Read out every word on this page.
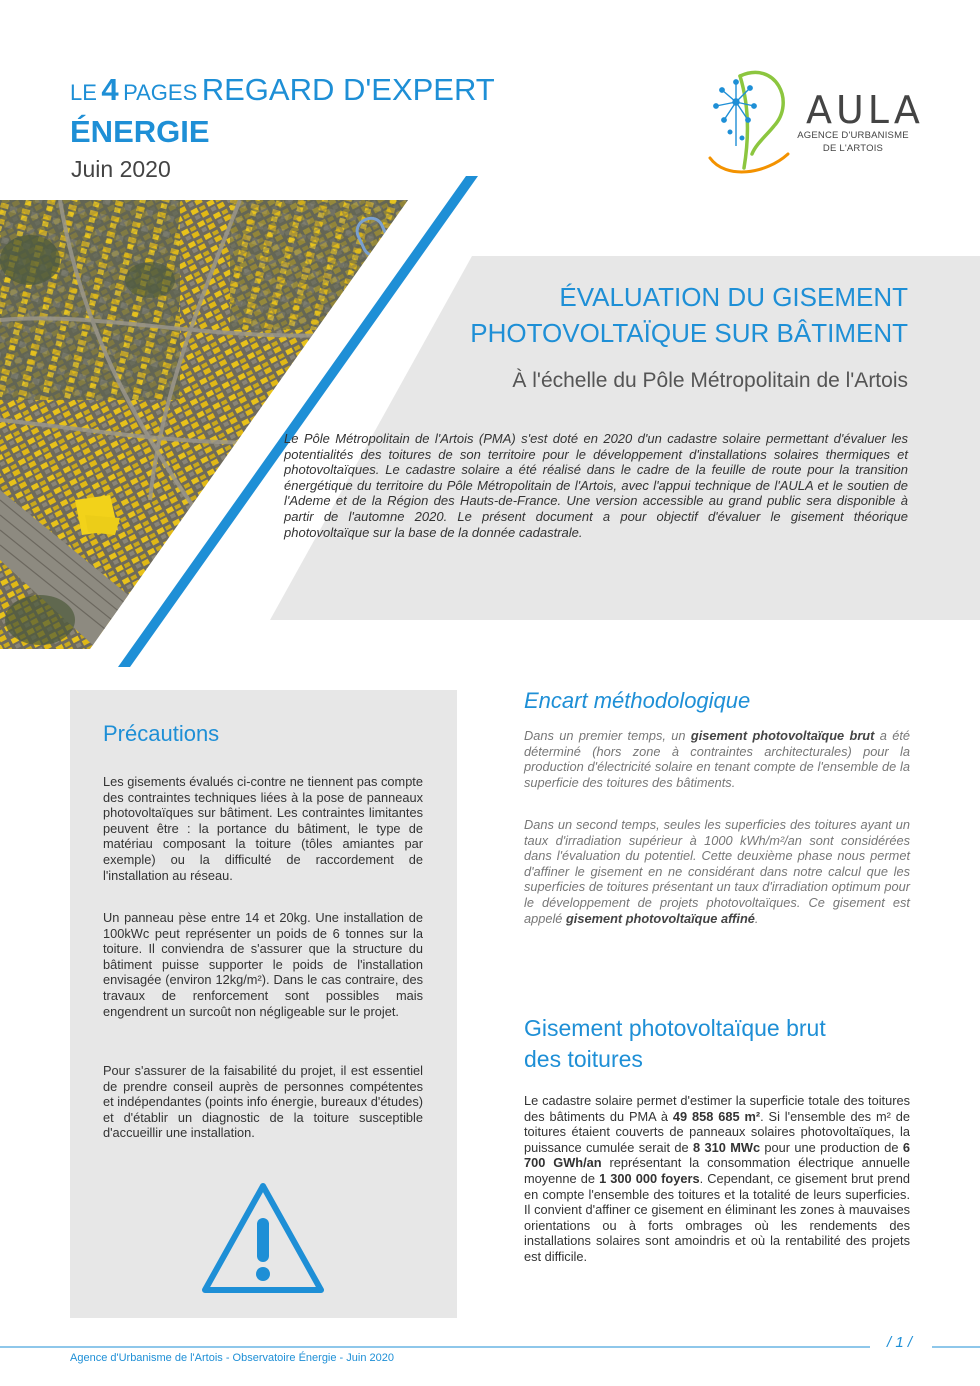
LE 4 PAGES REGARD D'EXPERT
ÉNERGIE
Juin 2020
AULA
AGENCE D'URBANISME
DE L'ARTOIS
ÉVALUATION DU GISEMENT
PHOTOVOLTAÏQUE SUR BÂTIMENT
À l'échelle du Pôle Métropolitain de l'Artois

Le Pôle Métropolitain de l'Artois (PMA) s'est doté en 2020 d'un cadastre solaire permettant d'évaluer les potentialités des toitures de son territoire pour le développement d'installations solaires thermiques et photovoltaïques. Le cadastre solaire a été réalisé dans le cadre de la feuille de route pour la transition énergétique du territoire du Pôle Métropolitain de l'Artois, avec l'appui technique de l'AULA et le soutien de l'Ademe et de la Région des Hauts-de-France. Une version accessible au grand public sera disponible à partir de l'automne 2020. Le présent document a pour objectif d'évaluer le gisement théorique photovoltaïque sur la base de la donnée cadastrale.

Précautions

Les gisements évalués ci-contre ne tiennent pas compte des contraintes techniques liées à la pose de panneaux photovoltaïques sur bâtiment. Les contraintes limitantes peuvent être : la portance du bâtiment, le type de matériau composant la toiture (tôles amiantes par exemple) ou la difficulté de raccordement de l'installation au réseau.

Un panneau pèse entre 14 et 20kg. Une installation de 100kWc peut représenter un poids de 6 tonnes sur la toiture. Il conviendra de s'assurer que la structure du bâtiment puisse supporter le poids de l'installation envisagée (environ 12kg/m²). Dans le cas contraire, des travaux de renforcement sont possibles mais engendrent un surcoût non négligeable sur le projet.

Pour s'assurer de la faisabilité du projet, il est essentiel de prendre conseil auprès de personnes compétentes et indépendantes (points info énergie, bureaux d'études) et d'établir un diagnostic de la toiture susceptible d'accueillir une installation.

Encart méthodologique

Dans un premier temps, un gisement photovoltaïque brut a été déterminé (hors zone à contraintes architecturales) pour la production d'électricité solaire en tenant compte de l'ensemble de la superficie des toitures des bâtiments.

Dans un second temps, seules les superficies des toitures ayant un taux d'irradiation supérieur à 1000 kWh/m²/an sont considérées dans l'évaluation du potentiel. Cette deuxième phase nous permet d'affiner le gisement en ne considérant dans notre calcul que les superficies de toitures présentant un taux d'irradiation optimum pour le développement de projets photovoltaïques. Ce gisement est appelé gisement photovoltaïque affiné.

Gisement photovoltaïque brut
des toitures

Le cadastre solaire permet d'estimer la superficie totale des toitures des bâtiments du PMA à 49 858 685 m². Si l'ensemble des m² de toitures étaient couverts de panneaux solaires photovoltaïques, la puissance cumulée serait de 8 310 MWc pour une production de 6 700 GWh/an représentant la consommation électrique annuelle moyenne de 1 300 000 foyers. Cependant, ce gisement brut prend en compte l'ensemble des toitures et la totalité de leurs superficies. Il convient d'affiner ce gisement en éliminant les zones à mauvaises orientations ou à forts ombrages où les rendements des installations solaires sont amoindris et où la rentabilité des projets est difficile.

Agence d'Urbanisme de l'Artois - Observatoire Énergie - Juin 2020
/ 1 /
